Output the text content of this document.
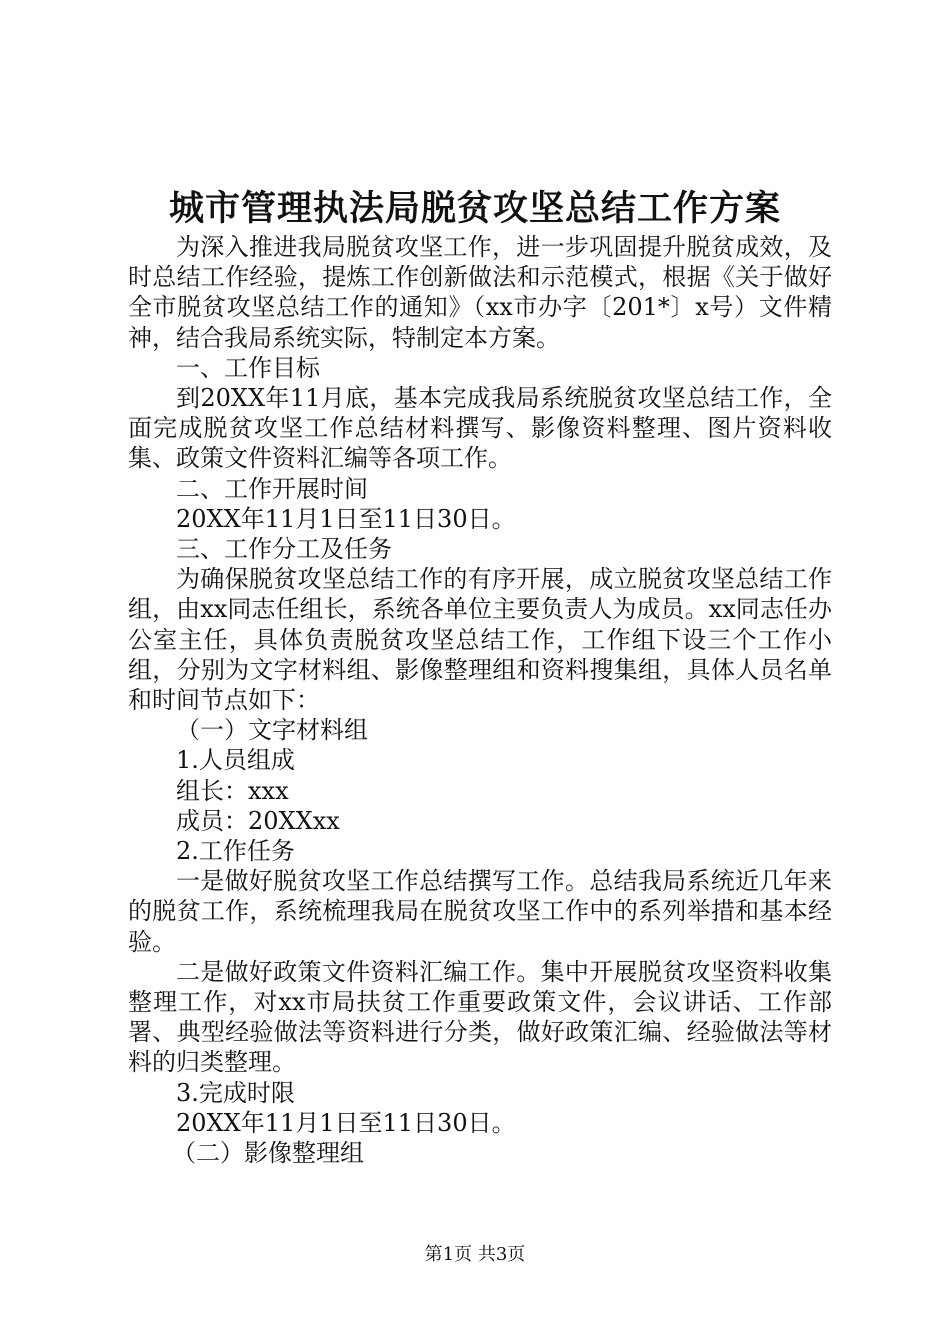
城市管理执法局脱贫攻坚总结工作方案

为深入推进我局脱贫攻坚工作，进一步巩固提升脱贫成效，及时总结工作经验，提炼工作创新做法和示范模式，根据《关于做好全市脱贫攻坚总结工作的通知》（xx市办字〔201*〕x号）文件精神，结合我局系统实际，特制定本方案。

一、工作目标

到20XX年11月底，基本完成我局系统脱贫攻坚总结工作，全面完成脱贫攻坚工作总结材料撰写、影像资料整理、图片资料收集、政策文件资料汇编等各项工作。

二、工作开展时间

20XX年11月1日至11日30日。

三、工作分工及任务

为确保脱贫攻坚总结工作的有序开展，成立脱贫攻坚总结工作组，由xx同志任组长，系统各单位主要负责人为成员。xx同志任办公室主任，具体负责脱贫攻坚总结工作，工作组下设三个工作小组，分别为文字材料组、影像整理组和资料搜集组，具体人员名单和时间节点如下：

（一）文字材料组

1.人员组成

组长：xxx

成员：20XXxx

2.工作任务

一是做好脱贫攻坚工作总结撰写工作。总结我局系统近几年来的脱贫工作，系统梳理我局在脱贫攻坚工作中的系列举措和基本经验。

二是做好政策文件资料汇编工作。集中开展脱贫攻坚资料收集整理工作，对xx市局扶贫工作重要政策文件，会议讲话、工作部署、典型经验做法等资料进行分类，做好政策汇编、经验做法等材料的归类整理。

3.完成时限

20XX年11月1日至11日30日。

（二）影像整理组

第1页 共3页
